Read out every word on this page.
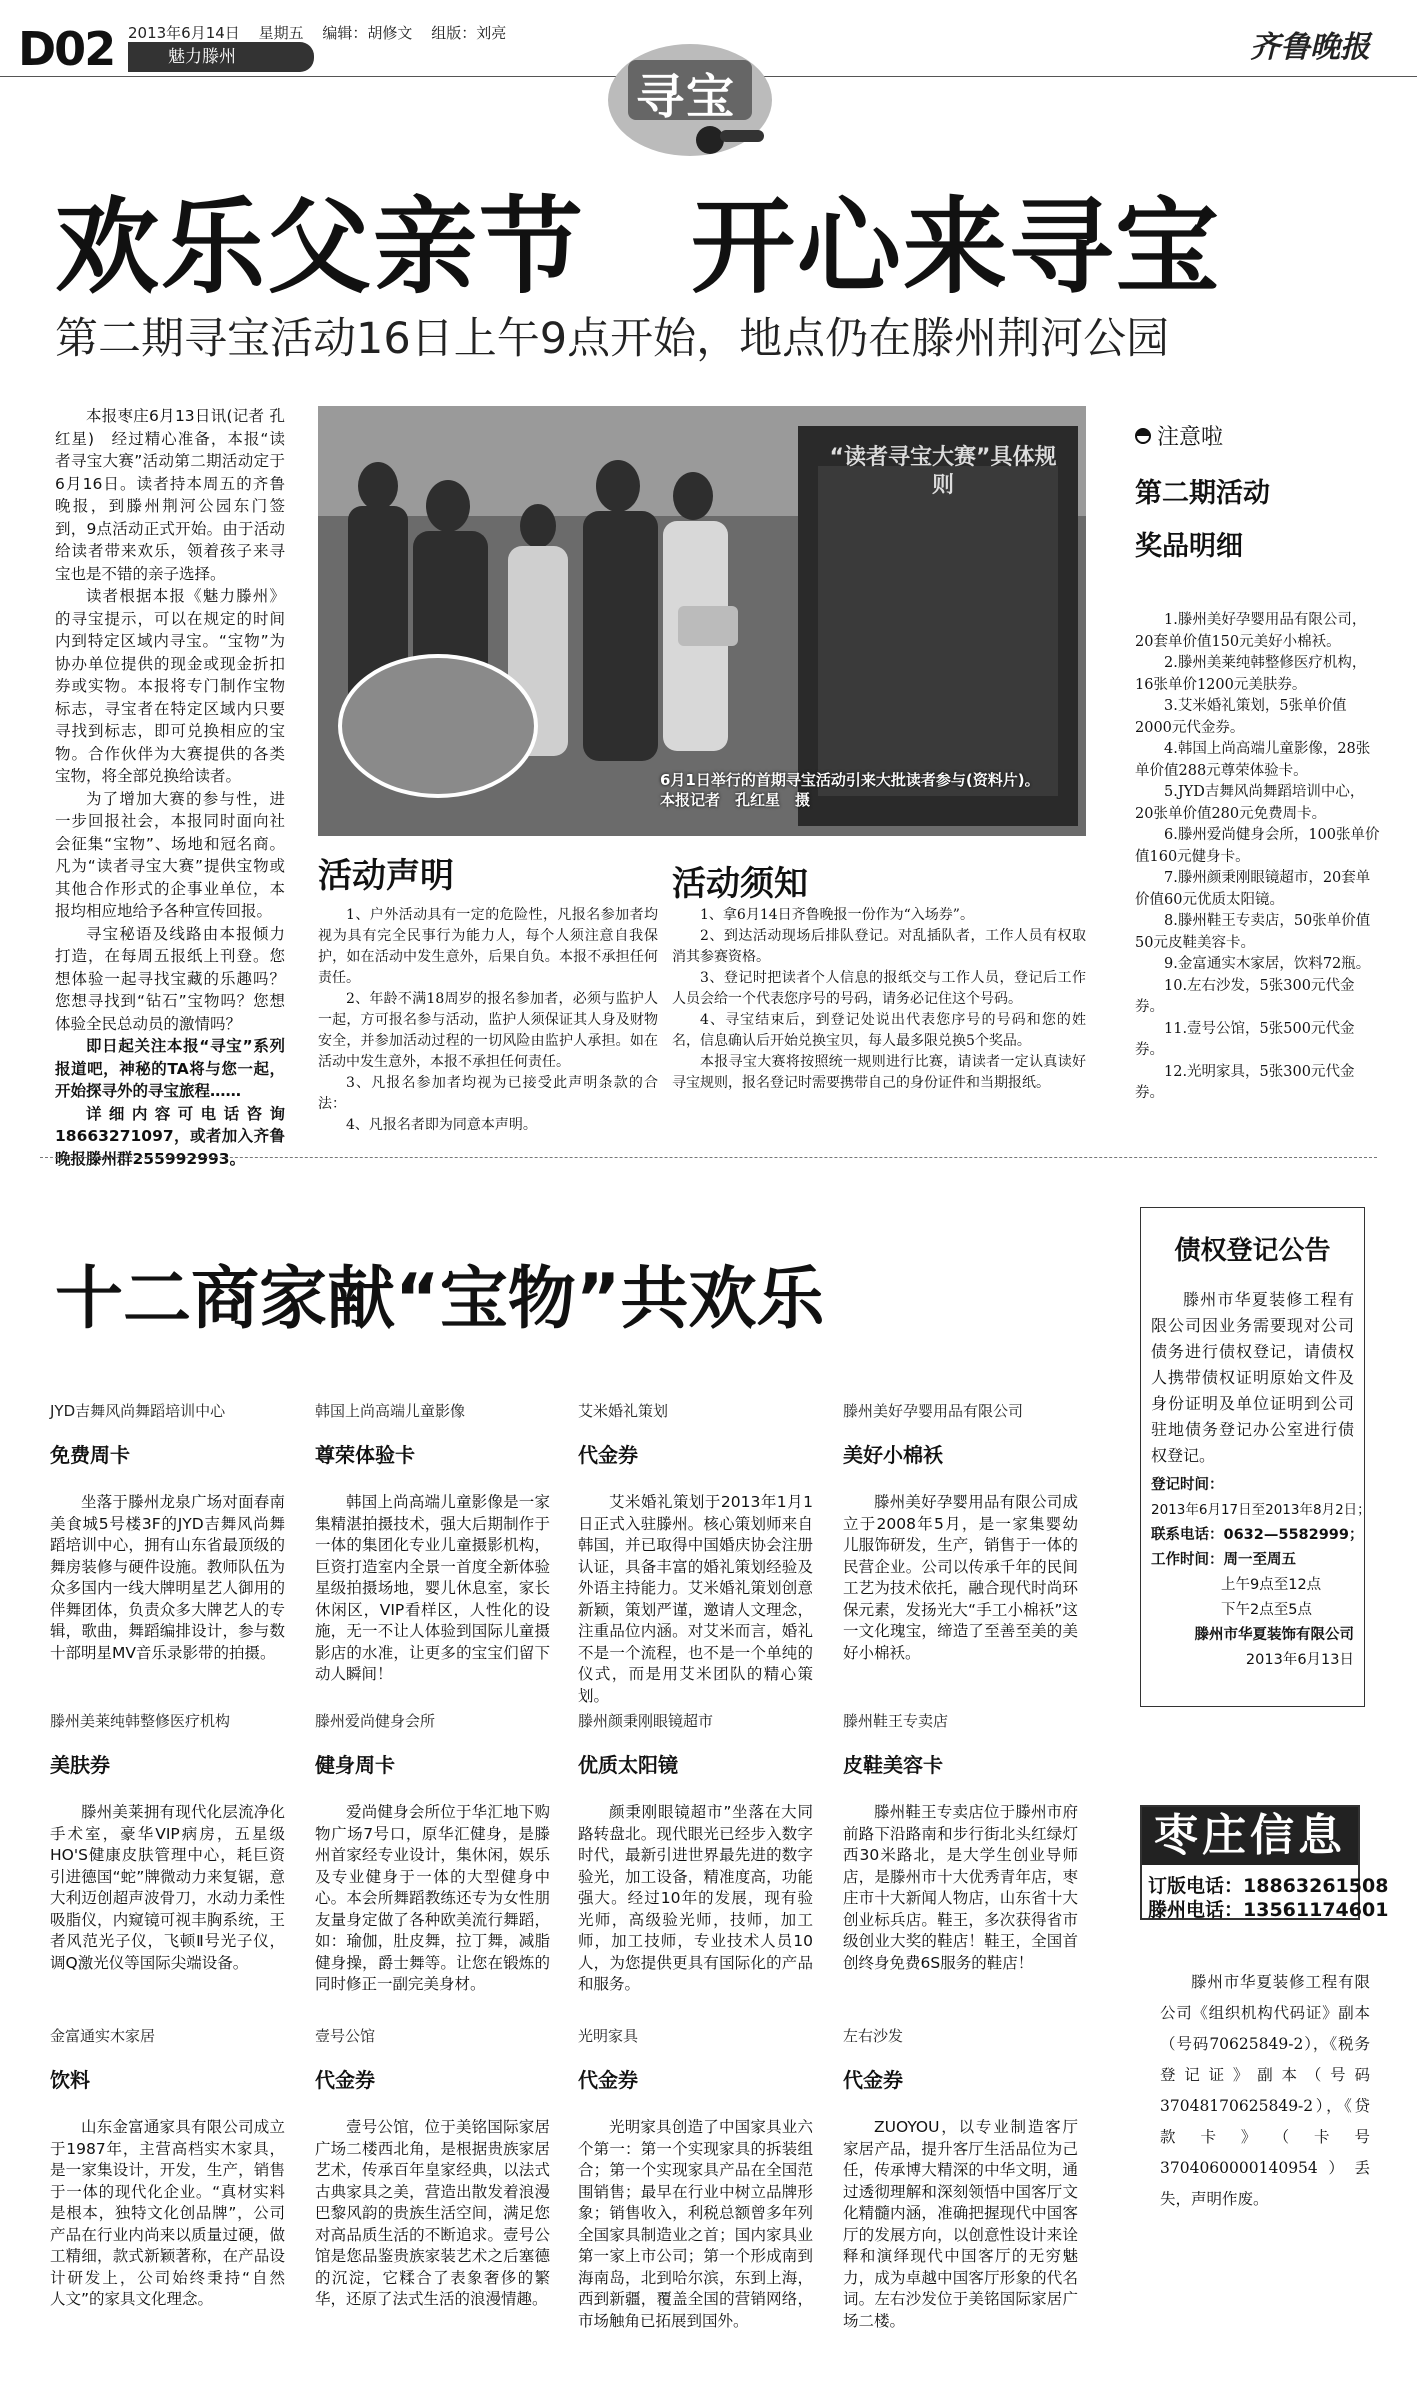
D02 2013年6月14日 星期五 编辑：胡修文 组版：刘亮
魅力滕州	齐鲁晚报
寻宝
欢乐父亲节　开心来寻宝
第二期寻宝活动16日上午9点开始，地点仍在滕州荆河公园

本报枣庄6月13日讯(记者 孔红星)　经过精心准备，本报“读者寻宝大赛”活动第二期活动定于6月16日。读者持本周五的齐鲁晚报，到滕州荆河公园东门签到，9点活动正式开始。由于活动给读者带来欢乐，领着孩子来寻宝也是不错的亲子选择。

读者根据本报《魅力滕州》的寻宝提示，可以在规定的时间内到特定区域内寻宝。“宝物”为协办单位提供的现金或现金折扣券或实物。本报将专门制作宝物标志，寻宝者在特定区域内只要寻找到标志，即可兑换相应的宝物。合作伙伴为大赛提供的各类宝物，将全部兑换给读者。

为了增加大赛的参与性，进一步回报社会，本报同时面向社会征集“宝物”、场地和冠名商。凡为“读者寻宝大赛”提供宝物或其他合作形式的企事业单位，本报均相应地给予各种宣传回报。

寻宝秘语及线路由本报倾力打造，在每周五报纸上刊登。您想体验一起寻找宝藏的乐趣吗？您想寻找到“钻石”宝物吗？您想体验全民总动员的激情吗？

即日起关注本报“寻宝”系列报道吧，神秘的TA将与您一起，开始探寻外的寻宝旅程……

详细内容可电话咨询18663271097，或者加入齐鲁晚报滕州群255992993。

“读者寻宝大赛”具体规则
6月1日举行的首期寻宝活动引来大批读者参与(资料片)。　本报记者　孔红星　摄
活动声明

1、户外活动具有一定的危险性，凡报名参加者均视为具有完全民事行为能力人，每个人须注意自我保护，如在活动中发生意外，后果自负。本报不承担任何责任。

2、年龄不满18周岁的报名参加者，必须与监护人一起，方可报名参与活动，监护人须保证其人身及财物安全，并参加活动过程的一切风险由监护人承担。如在活动中发生意外，本报不承担任何责任。

3、凡报名参加者均视为已接受此声明条款的合法：

4、凡报名者即为同意本声明。

活动须知

1、拿6月14日齐鲁晚报一份作为“入场券”。

2、到达活动现场后排队登记。对乱插队者，工作人员有权取消其参赛资格。

3、登记时把读者个人信息的报纸交与工作人员，登记后工作人员会给一个代表您序号的号码，请务必记住这个号码。

4、寻宝结束后，到登记处说出代表您序号的号码和您的姓名，信息确认后开始兑换宝贝，每人最多限兑换5个奖品。

本报寻宝大赛将按照统一规则进行比赛，请读者一定认真读好寻宝规则，报名登记时需要携带自己的身份证件和当期报纸。

注意啦
第二期活动
奖品明细

1.滕州美好孕婴用品有限公司，20套单价值150元美好小棉袄。

2.滕州美莱纯韩整修医疗机构，16张单价1200元美肤券。

3.艾米婚礼策划，5张单价值2000元代金券。

4.韩国上尚高端儿童影像，28张单价值288元尊荣体验卡。

5.JYD吉舞风尚舞蹈培训中心，20张单价值280元免费周卡。

6.滕州爱尚健身会所，100张单价值160元健身卡。

7.滕州颜秉刚眼镜超市，20套单价值60元优质太阳镜。

8.滕州鞋王专卖店，50张单价值50元皮鞋美容卡。

9.金富通实木家居，饮料72瓶。

10.左右沙发，5张300元代金券。

11.壹号公馆，5张500元代金券。

12.光明家具，5张300元代金券。

十二商家献“宝物”共欢乐
JYD吉舞风尚舞蹈培训中心
免费周卡
坐落于滕州龙泉广场对面春南美食城5号楼3F的JYD吉舞风尚舞蹈培训中心，拥有山东省最顶级的舞房装修与硬件设施。教师队伍为众多国内一线大牌明星艺人御用的伴舞团体，负责众多大牌艺人的专辑，歌曲，舞蹈编排设计，参与数十部明星MV音乐录影带的拍摄。
韩国上尚高端儿童影像
尊荣体验卡
韩国上尚高端儿童影像是一家集精湛拍摄技术，强大后期制作于一体的集团化专业儿童摄影机构，巨资打造室内全景一首度全新体验星级拍摄场地，婴儿休息室，家长休闲区，VIP看样区，人性化的设施，无一不让人体验到国际儿童摄影店的水准，让更多的宝宝们留下动人瞬间！
艾米婚礼策划
代金券
艾米婚礼策划于2013年1月1日正式入驻滕州。核心策划师来自韩国，并已取得中国婚庆协会注册认证，具备丰富的婚礼策划经验及外语主持能力。艾米婚礼策划创意新颖，策划严谨，邀请人文理念，注重品位内涵。对艾米而言，婚礼不是一个流程，也不是一个单纯的仪式，而是用艾米团队的精心策划。
滕州美好孕婴用品有限公司
美好小棉袄
滕州美好孕婴用品有限公司成立于2008年5月，是一家集婴幼儿服饰研发，生产，销售于一体的民营企业。公司以传承千年的民间工艺为技术依托，融合现代时尚环保元素，发扬光大“手工小棉袄”这一文化瑰宝，缔造了至善至美的美好小棉袄。
滕州美莱纯韩整修医疗机构
美肤券
滕州美莱拥有现代化层流净化手术室，豪华VIP病房，五星级HO'S健康皮肤管理中心，耗巨资引进德国“蛇”牌微动力来复锯，意大利迈创超声波骨刀，水动力柔性吸脂仪，内窥镜可视丰胸系统，王者风范光子仪，飞顿Ⅱ号光子仪，调Q激光仪等国际尖端设备。
滕州爱尚健身会所
健身周卡
爱尚健身会所位于华汇地下购物广场7号口，原华汇健身，是滕州首家经专业设计，集休闲，娱乐及专业健身于一体的大型健身中心。本会所舞蹈教练还专为女性朋友量身定做了各种欧美流行舞蹈，如：瑜伽，肚皮舞，拉丁舞，减脂健身操，爵士舞等。让您在锻炼的同时修正一副完美身材。
滕州颜秉刚眼镜超市
优质太阳镜
颜秉刚眼镜超市”坐落在大同路转盘北。现代眼光已经步入数字时代，最新引进世界最先进的数字验光，加工设备，精准度高，功能强大。经过10年的发展，现有验光师，高级验光师，技师，加工师，加工技师，专业技术人员10人，为您提供更具有国际化的产品和服务。
滕州鞋王专卖店
皮鞋美容卡
滕州鞋王专卖店位于滕州市府前路下沿路南和步行街北头红绿灯西30米路北，是大学生创业导师店，是滕州市十大优秀青年店，枣庄市十大新闻人物店，山东省十大创业标兵店。鞋王，多次获得省市级创业大奖的鞋店！鞋王，全国首创终身免费6S服务的鞋店！
金富通实木家居
饮料
山东金富通家具有限公司成立于1987年，主营高档实木家具，是一家集设计，开发，生产，销售于一体的现代化企业。“真材实料是根本，独特文化创品牌”，公司产品在行业内尚来以质量过硬，做工精细，款式新颖著称，在产品设计研发上，公司始终秉持“自然　人文”的家具文化理念。
壹号公馆
代金券
壹号公馆，位于美铭国际家居广场二楼西北角，是根据贵族家居艺术，传承百年皇家经典，以法式古典家具之美，营造出散发着浪漫巴黎风韵的贵族生活空间，满足您对高品质生活的不断追求。壹号公馆是您品鉴贵族家装艺术之后塞德的沉淀，它糅合了表象奢侈的繁华，还原了法式生活的浪漫情趣。
光明家具
代金券
光明家具创造了中国家具业六个第一：第一个实现家具的拆装组合；第一个实现家具产品在全国范围销售；最早在行业中树立品牌形象；销售收入，利税总额曾多年列全国家具制造业之首；国内家具业第一家上市公司；第一个形成南到海南岛，北到哈尔滨，东到上海，西到新疆，覆盖全国的营销网络，市场触角已拓展到国外。
左右沙发
代金券
ZUOYOU，以专业制造客厅家居产品，提升客厅生活品位为己任，传承博大精深的中华文明，通过透彻理解和深刻领悟中国客厅文化精髓内涵，准确把握现代中国客厅的发展方向，以创意性设计来诠释和演绎现代中国客厅的无穷魅力，成为卓越中国客厅形象的代名词。左右沙发位于美铭国际家居广场二楼。
债权登记公告
滕州市华夏装修工程有限公司因业务需要现对公司债务进行债权登记，请债权人携带债权证明原始文件及身份证明及单位证明到公司驻地债务登记办公室进行债权登记。
登记时间：
2013年6月17日至2013年8月2日；
联系电话：0632—5582999；
工作时间：周一至周五
上午9点至12点
下午2点至5点
滕州市华夏装饰有限公司
2013年6月13日
枣庄信息
订版电话：18863261508
滕州电话：13561174601
滕州市华夏装修工程有限公司《组织机构代码证》副本（号码70625849-2），《税务登记证》副本（号码37048170625849-2），《贷款卡》（卡号3704060000140954）丢失，声明作废。
